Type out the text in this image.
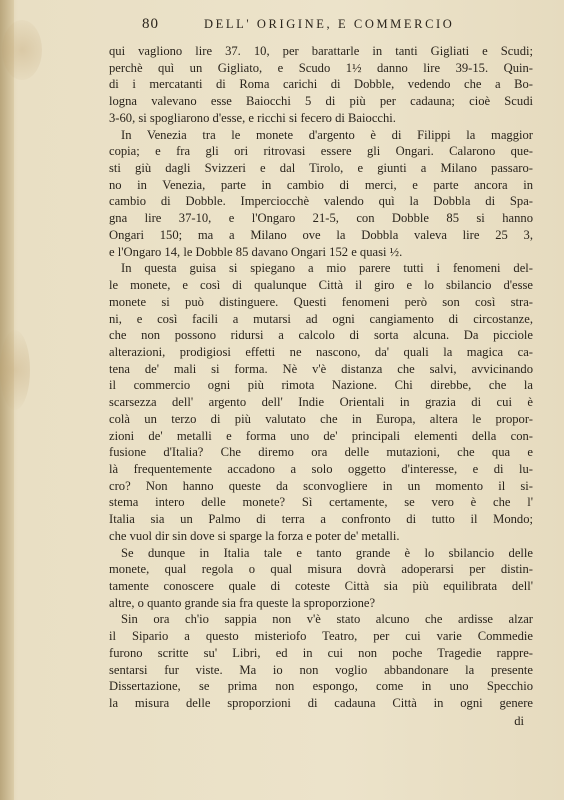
80	DELL' ORIGINE, E COMMERCIO
qui vagliono lire 37. 10, per barattarle in tanti Gigliati e Scudi;
perchè quì un Gigliato, e Scudo 1½ danno lire 39-15. Quin-
di i mercatanti di Roma carichi di Dobble, vedendo che a Bo-
logna valevano esse Baiocchi 5 di più per cadauna; cioè Scudi
3-60, si spogliarono d'esse, e ricchi si fecero di Baiocchi.
In Venezia tra le monete d'argento è di Filippi la maggior
copia; e fra gli ori ritrovasi essere gli Ongari. Calarono que-
sti giù dagli Svizzeri e dal Tirolo, e giunti a Milano passaro-
no in Venezia, parte in cambio di merci, e parte ancora in
cambio di Dobble. Imperciocchè valendo quì la Dobbla di Spa-
gna lire 37-10, e l'Ongaro 21-5, con Dobble 85 si hanno
Ongari 150; ma a Milano ove la Dobbla valeva lire 25 3,
e l'Ongaro 14, le Dobble 85 davano Ongari 152 e quasi ½.
In questa guisa si spiegano a mio parere tutti i fenomeni del-
le monete, e così di qualunque Città il giro e lo sbilancio d'esse
monete si può distinguere. Questi fenomeni però son così stra-
ni, e così facili a mutarsi ad ogni cangiamento di circostanze,
che non possono ridursi a calcolo di sorta alcuna. Da picciole
alterazioni, prodigiosi effetti ne nascono, da' quali la magica ca-
tena de' mali si forma. Nè v'è distanza che salvi, avvicinando
il commercio ogni più rimota Nazione. Chi direbbe, che la
scarsezza dell' argento dell' Indie Orientali in grazia di cui è
colà un terzo di più valutato che in Europa, altera le propor-
zioni de' metalli e forma uno de' principali elementi della con-
fusione d'Italia? Che diremo ora delle mutazioni, che qua e
là frequentemente accadono a solo oggetto d'interesse, e di lu-
cro? Non hanno queste da sconvogliere in un momento il si-
stema intero delle monete? Sì certamente, se vero è che l'
Italia sia un Palmo di terra a confronto di tutto il Mondo;
che vuol dir sin dove si sparge la forza e poter de' metalli.
Se dunque in Italia tale e tanto grande è lo sbilancio delle
monete, qual regola o qual misura dovrà adoperarsi per distin-
tamente conoscere quale di coteste Città sia più equilibrata dell'
altre, o quanto grande sia fra queste la sproporzione?
Sin ora ch'io sappia non v'è stato alcuno che ardisse alzar
il Sipario a questo misteriofo Teatro, per cui varie Commedie
furono scritte su' Libri, ed in cui non poche Tragedie rappre-
sentarsi fur viste. Ma io non voglio abbandonare la presente
Dissertazione, se prima non espongo, come in uno Specchio
la misura delle sproporzioni di cadauna Città in ogni genere
di
